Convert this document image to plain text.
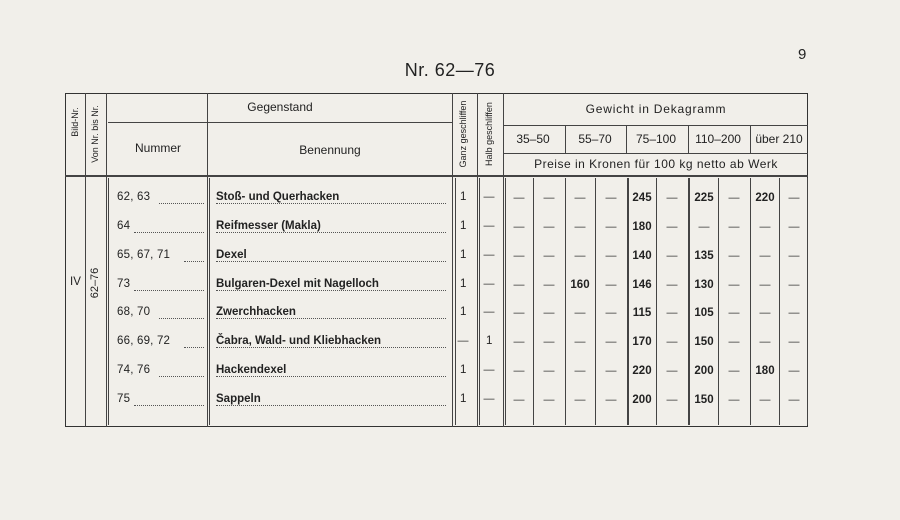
9
Nr. 62—76
Bild-Nr. Von Nr. bis Nr.	Gegenstand
Nummer	Benennung	Ganz geschliffen Halb geschliffen	Gewicht in Dekagramm
35–50 55–70 75–100 110–200 über 210
Preise in Kronen für 100 kg netto ab Werk
IV 62–76
62, 63	Stoß- und Querhacken	1 — — — — — 245 — 225 — 220 —
64	Reifmesser (Makla)	1 — — — — — 180 — — — — —
65, 67, 71	Dexel	1 — — — — — 140 — 135 — — —
73	Bulgaren-Dexel mit Nagelloch	1 — — — 160 — 146 — 130 — — —
68, 70	Zwerchhacken	1 — — — — — 115 — 105 — — —
66, 69, 72	Čabra, Wald- und Kliebhacken	— 1 — — — — 170 — 150 — — —
74, 76	Hackendexel	1 — — — — — 220 — 200 — 180 —
75	Sappeln	1 — — — — — 200 — 150 — — —
